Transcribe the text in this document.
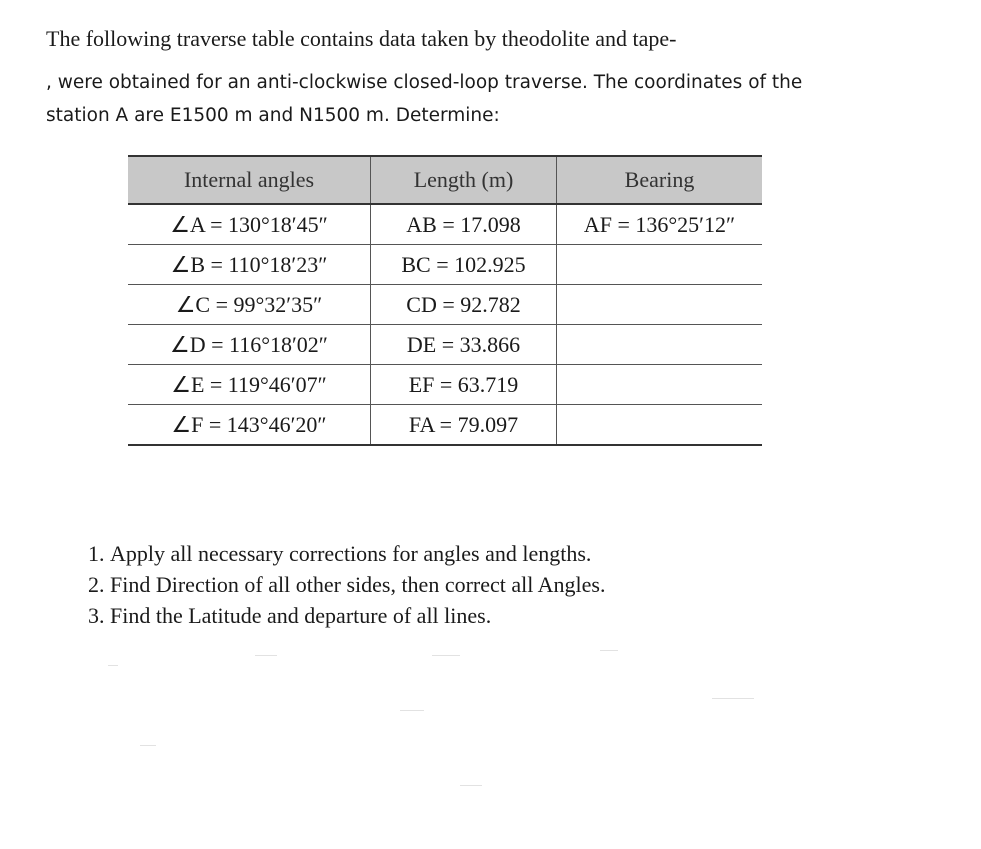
The following traverse table contains data taken by theodolite and tape-
, were obtained for an anti-clockwise closed-loop traverse. The coordinates of the
station A are E1500 m and N1500 m. Determine:
Internal angles	Length (m)	Bearing
∠A = 130°18′45″	AB = 17.098	AF = 136°25′12″
∠B = 110°18′23″	BC = 102.925	
∠C = 99°32′35″	CD = 92.782	
∠D = 116°18′02″	DE = 33.866	
∠E = 119°46′07″	EF = 63.719	
∠F = 143°46′20″	FA = 79.097	
1. Apply all necessary corrections for angles and lengths.
2. Find Direction of all other sides, then correct all Angles.
3. Find the Latitude and departure of all lines.
